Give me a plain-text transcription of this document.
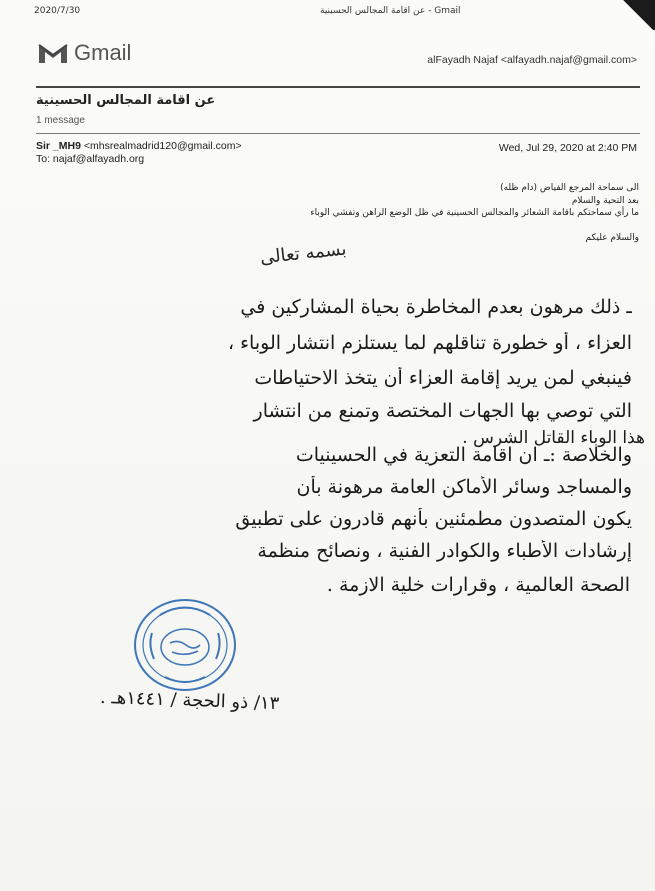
2020/7/30	Gmail - عن اقامة المجالس الحسينية
Gmail	alFayadh Najaf <alfayadh.najaf@gmail.com>
عن اقامة المجالس الحسينية
1 message
Sir _MH9 <mhsrealmadrid120@gmail.com>
To: najaf@alfayadh.org
Wed, Jul 29, 2020 at 2:40 PM
الى سماحة المرجع الفياض (دام ظله)
بعد التحية والسلام
ما رأي سماحتكم باقامة الشعائر والمجالس الحسينية في ظل الوضع الراهن وتفشي الوباء
والسلام عليكم
بسمه تعالى
ـ ذلك مرهون بعدم المخاطرة بحياة المشاركين في
العزاء ، أو خطورة تناقلهم لما يستلزم انتشار الوباء ،
فينبغي لمن يريد إقامة العزاء أن يتخذ الاحتياطات
التي توصي بها الجهات المختصة وتمنع من انتشار
هذا الوباء القاتل الشرس .
والخلاصة :ـ ان اقامة التعزية في الحسينيات
والمساجد وسائر الأماكن العامة مرهونة بأن
يكون المتصدون مطمئنين بأنهم قادرون على تطبيق
إرشادات الأطباء والكوادر الفنية ، ونصائح منظمة
الصحة العالمية ، وقرارات خلية الازمة .
١٣/ ذو الحجة / ١٤٤١هـ .
